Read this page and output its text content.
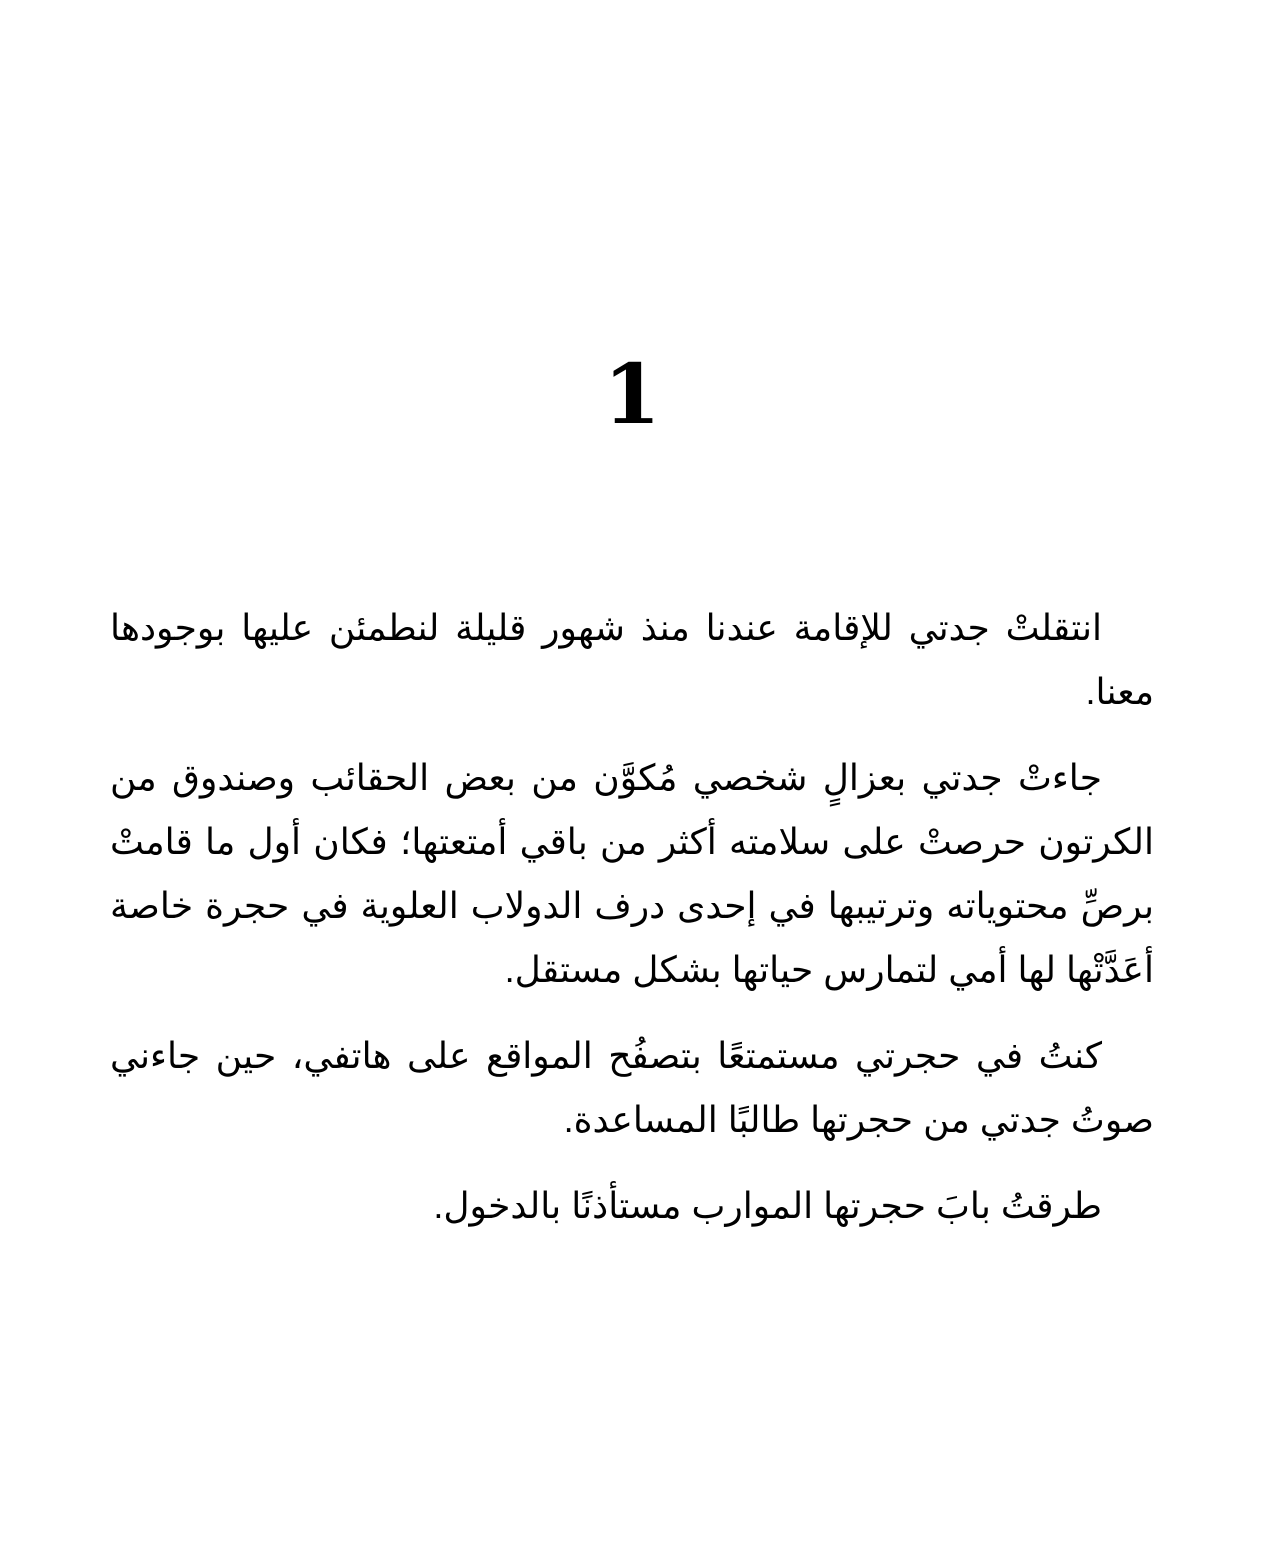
1

انتقلتْ جدتي للإقامة عندنا منذ شهور قليلة لنطمئن عليها بوجودها معنا.

جاءتْ جدتي بعزالٍ شخصي مُكوَّن من بعض الحقائب وصندوق من الكرتون حرصتْ على سلامته أكثر من باقي أمتعتها؛ فكان أول ما قامتْ برصِّ محتوياته وترتيبها في إحدى درف الدولاب العلوية في حجرة خاصة أعَدَّتْها لها أمي لتمارس حياتها بشكل مستقل.

كنتُ في حجرتي مستمتعًا بتصفُح المواقع على هاتفي، حين جاءني صوتُ جدتي من حجرتها طالبًا المساعدة.

طرقتُ بابَ حجرتها الموارب مستأذنًا بالدخول.
